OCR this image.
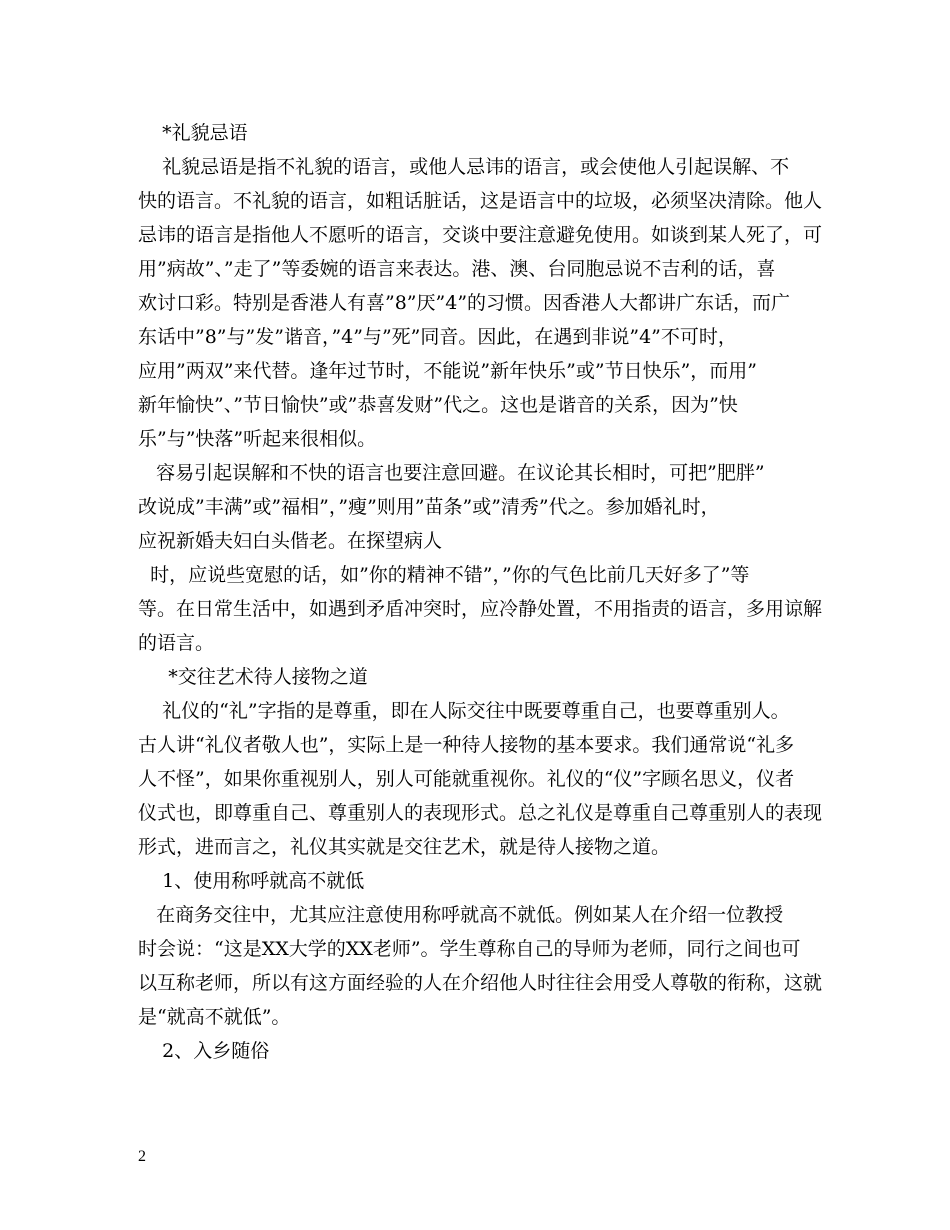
*礼貌忌语
礼貌忌语是指不礼貌的语言，或他人忌讳的语言，或会使他人引起误解、不
快的语言。不礼貌的语言，如粗话脏话，这是语言中的垃圾，必须坚决清除。他人
忌讳的语言是指他人不愿听的语言，交谈中要注意避免使用。如谈到某人死了，可
用”病故”、”走了”等委婉的语言来表达。港、澳、台同胞忌说不吉利的话，喜
欢讨口彩。特别是香港人有喜”8”厌”4”的习惯。因香港人大都讲广东话，而广
东话中”8”与”发”谐音，”4”与”死”同音。因此，在遇到非说”4”不可时，
应用”两双”来代替。逢年过节时，不能说”新年快乐”或”节日快乐”，而用”
新年愉快”、”节日愉快”或”恭喜发财”代之。这也是谐音的关系，因为”快
乐”与”快落”听起来很相似。
容易引起误解和不快的语言也要注意回避。在议论其长相时，可把”肥胖”
改说成”丰满”或”福相”，”瘦”则用”苗条”或”清秀”代之。参加婚礼时，
应祝新婚夫妇白头偕老。在探望病人
时，应说些宽慰的话，如”你的精神不错”，”你的气色比前几天好多了”等
等。在日常生活中，如遇到矛盾冲突时，应冷静处置，不用指责的语言，多用谅解
的语言。
*交往艺术待人接物之道
礼仪的“礼”字指的是尊重，即在人际交往中既要尊重自己，也要尊重别人。
古人讲“礼仪者敬人也”，实际上是一种待人接物的基本要求。我们通常说“礼多
人不怪”，如果你重视别人，别人可能就重视你。礼仪的“仪”字顾名思义，仪者
仪式也，即尊重自己、尊重别人的表现形式。总之礼仪是尊重自己尊重别人的表现
形式，进而言之，礼仪其实就是交往艺术，就是待人接物之道。
1、使用称呼就高不就低
在商务交往中，尤其应注意使用称呼就高不就低。例如某人在介绍一位教授
时会说：“这是XX大学的XX老师”。学生尊称自己的导师为老师，同行之间也可
以互称老师，所以有这方面经验的人在介绍他人时往往会用受人尊敬的衔称，这就
是“就高不就低”。
2、入乡随俗
2
